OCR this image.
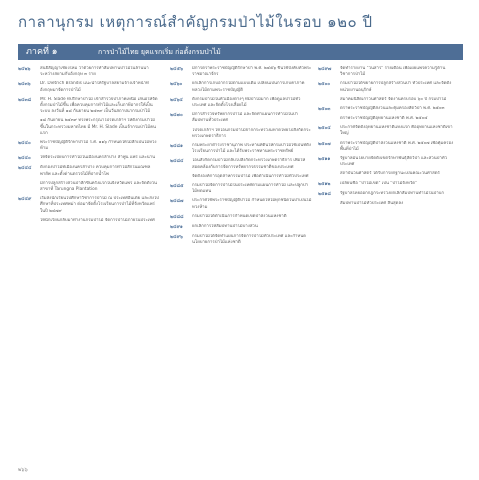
กาลานุกรม เหตุการณ์สำคัญกรมป่าไม้ในรอบ ๑๒๐ ปี
ภาคที่ ๑	การป่าไม้ไทย ยุคแรกเริ่ม ก่อตั้งกรมป่าไม้
๒๔๒๖	สนธิสัญญาเชียงใหม่ ว่าด้วยการทำสัมปทานป่าไม้ในล้านนาระหว่างสยามกับอังกฤษ ๓ ราย
๒๔๓๖	Dr. Dietrich Brandis แนะนำให้รัฐบาลสยามจ้างเจ้าหน้าที่อังกฤษมาจัดการป่าไม้
๒๔๓๘	Mr. H. Slade ที่ปรึกษาป่าไม้ เข้าสำรวจป่าภาคเหนือ เสนอให้จัดตั้งกรมป่าไม้ขึ้น เพื่อควบคุมการทำไม้และเก็บภาษีอากรให้เป็นระบบ ลงวันที่ ๑๘ กันยายน ๒๔๓๙ เป็นวันสถาปนากรมป่าไม้
๑๘ กันยายน ๒๔๓๙ ทรงพระกรุณาโปรดเกล้าฯ ให้ตั้งกรมป่าไม้ขึ้นในกระทรวงมหาดไทย มี Mr. H. Slade เป็นเจ้ากรมป่าไม้คนแรก
๒๔๔๐	พระราชบัญญัติรักษาป่าไม้ ร.ศ. ๑๑๖ กำหนดให้ไม้สักเป็นไม้หวงห้าม
๒๔๔๐	ให้จัดระเบียบการทำไม้ในเมืองนครลำปาง ลำพูน แพร่ และน่าน
๒๔๔๔	ตั้งกองป่าไม้ที่เมืองนครลำปาง ควบคุมการทำไม้สักในมณฑลพายัพ และตั้งด่านตรวจไม้ที่ปากน้ำโพ
มีการปลูกสร้างสวนป่าสักขึ้นครั้งแรกในจังหวัดแพร่ และจัดตั้งวนสาขาที่ Tarungna Plantation
๒๔๔๙	เริ่มส่งนักเรียนไปศึกษาวิชาการป่าไม้ ณ ประเทศอินเดีย และส่งไปศึกษาที่ประเทศพม่า ต่อมาจัดตั้งโรงเรียนการป่าไม้ที่จังหวัดแพร่ ในปี ๒๔๗๙
ให้นักเรียนกลับมาทำงานกรมป่าไม้ จัดการป่าไม้ภายในประเทศ
๒๔๕๖	มีการตราพระราชบัญญัติรักษาป่า พ.ศ. ๒๔๕๖ ขึ้นใช้บังคับทั่วพระราชอาณาจักร
๒๔๖๐	ยกเลิกการเก็บอากรไม้ตามแบบเดิม เปลี่ยนเป็นการเก็บค่าภาคหลวงไม้ตามพระราชบัญญัติ
๒๔๖๔	ตั้งกรมป่าไม้ในหัวเมืองต่างๆ ที่มีป่าไม้มาก เพื่อดูแลป่าไม้ทั่วประเทศ และจัดตั้งโรงเลื่อยไม้
๒๔๗๐	มีการสำรวจทรัพยากรป่าไม้ และจัดทำแผนการทำไม้ในป่าสัมปทานทั่วประเทศ
โปรดเกล้าฯ ให้โอนกรมป่าไม้จากกระทรวงมหาดไทยไปสังกัดกระทรวงเกษตราธิการ
๒๔๘๑	กรมพระยาดำรงราชานุภาพ ประทานที่ดินให้กรมป่าไม้ใช้เป็นที่ตั้งโรงเรียนการป่าไม้ และได้รับพระราชทานพระราชทรัพย์
๒๔๘๔	โอนสังกัดกรมป่าไม้กลับไปสังกัดกระทรวงเกษตราธิการ เพื่อให้สอดคล้องกับการจัดการทรัพยากรธรรมชาติของประเทศ
จัดตั้งองค์การอุตสาหกรรมป่าไม้ เพื่อดำเนินการทำไม้ทั่วประเทศ
๒๔๘๕	กรมป่าไม้จัดการป่าไม้ในประเทศตามแผนการทำไม้ และปลูกป่าไม้ทดแทน
๒๔๘๗	ประกาศใช้พระราชบัญญัติป่าไม้ กำหนดให้ไม้ทุกชนิดในป่าเป็นไม้หวงห้าม
๒๔๘๘	กรมป่าไม้ได้ดำเนินการกำหนดเขตป่าสงวนแห่งชาติ
๒๔๙๑	ยกเลิกการให้สัมปทานป่าไม้บางส่วน
๒๔๙๖	กรมป่าไม้ได้จัดทำแผนการจัดการป่าไม้ทั่วประเทศ และกำหนดนโยบายการป่าไม้แห่งชาติ
๒๔๙๗	จัดทำรายงาน "วนสาร" รายเดือน เพื่อเผยแพร่ความรู้ด้านวิชาการป่าไม้
๒๕๐๐	กรมป่าไม้ได้ขยายการปลูกสร้างสวนป่า ทั่วประเทศ และจัดตั้งหน่วยงานอนุรักษ์
สมาคมนิสิตเก่าวนศาสตร์ จัดงานครบรอบ ๖๐ ปี กรมป่าไม้
๒๕๐๓	ตราพระราชบัญญัติสงวนและคุ้มครองสัตว์ป่า พ.ศ. ๒๕๐๓
ตราพระราชบัญญัติอุทยานแห่งชาติ พ.ศ. ๒๕๐๔
๒๕๐๔	ประกาศจัดตั้งอุทยานแห่งชาติแห่งแรก คืออุทยานแห่งชาติเขาใหญ่
๒๕๐๗	ตราพระราชบัญญัติป่าสงวนแห่งชาติ พ.ศ. ๒๕๐๗ เพื่อคุ้มครองพื้นที่ป่าไม้
๒๕๑๑	รัฐบาลมีนโยบายจัดตั้งเขตรักษาพันธุ์สัตว์ป่า และสวนป่าทั่วประเทศ
สถาบันวนศาสตร์ ได้รับการยกฐานะเป็นคณะวนศาสตร์
๒๕๑๒	เปลี่ยนชื่อ "ป่าไม้เขต" เป็น "ป่าไม้จังหวัด"
๒๕๑๘	รัฐบาลไทยออกกฎกระทรวงยกเลิกสัมปทานทำไม้ในป่าบก
สัมปทานป่าไม้ทั่วประเทศ สิ้นสุดลง
๒๖๖
